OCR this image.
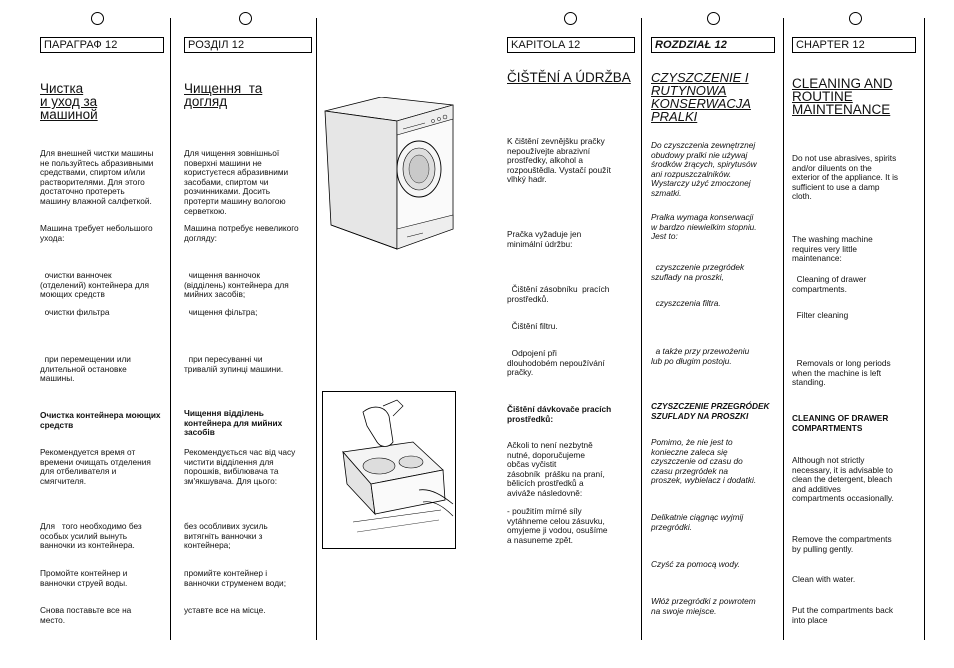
ПАРАГРАФ 12
Чистка
и уход за
машиной
Для внешней чистки машины
не пользуйтесь абразивными
средствами, спиртом и/или
растворителями. Для этого
достаточно протереть
машину влажной салфеткой.
Машина требует небольшого
ухода:
очистки ванночек
(отделений) контейнера для
моющих средств
очистки фильтра
при перемещении или
длительной остановке
машины.
Очистка контейнера моющих
средств
Рекомендуется время от
времени очищать отделения
для отбеливателя и
смягчителя.
Для   того необходимо без
особых усилий вынуть
ванночки из контейнера.
Промойте контейнер и
ванночки струей воды.
Снова поставьте все на
место.
РОЗДІЛ 12
Чищення  та
догляд
Для чищення зовнішньої
поверхні машини не
користуєтеся абразивними
засобами, спиртом чи
розчинниками. Досить
протерти машину вологою
серветкою.
Машина потребує невеликого
догляду:
чищення ванночок
(відділень) контейнера для
мийних засобів;
чищення фільтра;
при пересуванні чи
тривалій зупинці машини.
Чищення відділень
контейнера для мийних
засобів
Рекомендується час від часу
чистити відділення для
порошків, вибілювача та
зм'якшувача. Для цього:
без особливих зусиль
витягніть ванночки з
контейнера;
промийте контейнер і
ванночки струменем води;
уставте все на місце.
KAPITOLA 12
ČIŠTĚNÍ A ÚDRŽBA
K čištění zevnějšku pračky
nepoužívejte abrazivní
prostředky, alkohol a
rozpouštědla. Vystačí použít
vlhký hadr.
Pračka vyžaduje jen
minimální údržbu:
Čištění zásobníku  pracích
prostředků.
Čištění filtru.
Odpojení při
dlouhodobém nepoužívání
pračky.
Čištění dávkovače pracích
prostředků:
Ačkoli to není nezbytně
nutné, doporučujeme
občas vyčistit
zásobník  prášku na praní,
bělicích prostředků a
aviváže následovně:
- použitím mírné síly
vytáhneme celou zásuvku,
omyjeme ji vodou, osušíme
a nasuneme zpět.
ROZDZIAŁ 12
CZYSZCZENIE I
RUTYNOWA
KONSERWACJA
PRALKI
Do czyszczenia zewnętrznej
obudowy pralki nie używaj
środków żrących, spirytusów
ani rozpuszczalników.
Wystarczy użyć zmoczonej
szmatki.
Pralka wymaga konserwacji
w bardzo niewielkim stopniu.
Jest to:
czyszczenie przegródek
szuflady na proszki,
czyszczenia filtra.
a także przy przewożeniu
lub po długim postoju.
CZYSZCZENIE PRZEGRÓDEK
SZUFLADY NA PROSZKI
Pomimo, że nie jest to
konieczne zaleca się
czyszczenie od czasu do
czasu przegródek na
proszek, wybielacz i dodatki.
Delikatnie ciągnąc wyjmij
przegródki.
Czyść za pomocą wody.
Włóż przegródki z powrotem
na swoje miejsce.
CHAPTER 12
CLEANING AND
ROUTINE
MAINTENANCE
Do not use abrasives, spirits
and/or diluents on the
exterior of the appliance. It is
sufficient to use a damp
cloth.
The washing machine
requires very little
maintenance:
Cleaning of drawer
compartments.
Filter cleaning
Removals or long periods
when the machine is left
standing.
CLEANING OF DRAWER
COMPARTMENTS
Although not strictly
necessary, it is advisable to
clean the detergent, bleach
and additives
compartments occasionally.
Remove the compartments
by pulling gently.
Clean with water.
Put the compartments back
into place
